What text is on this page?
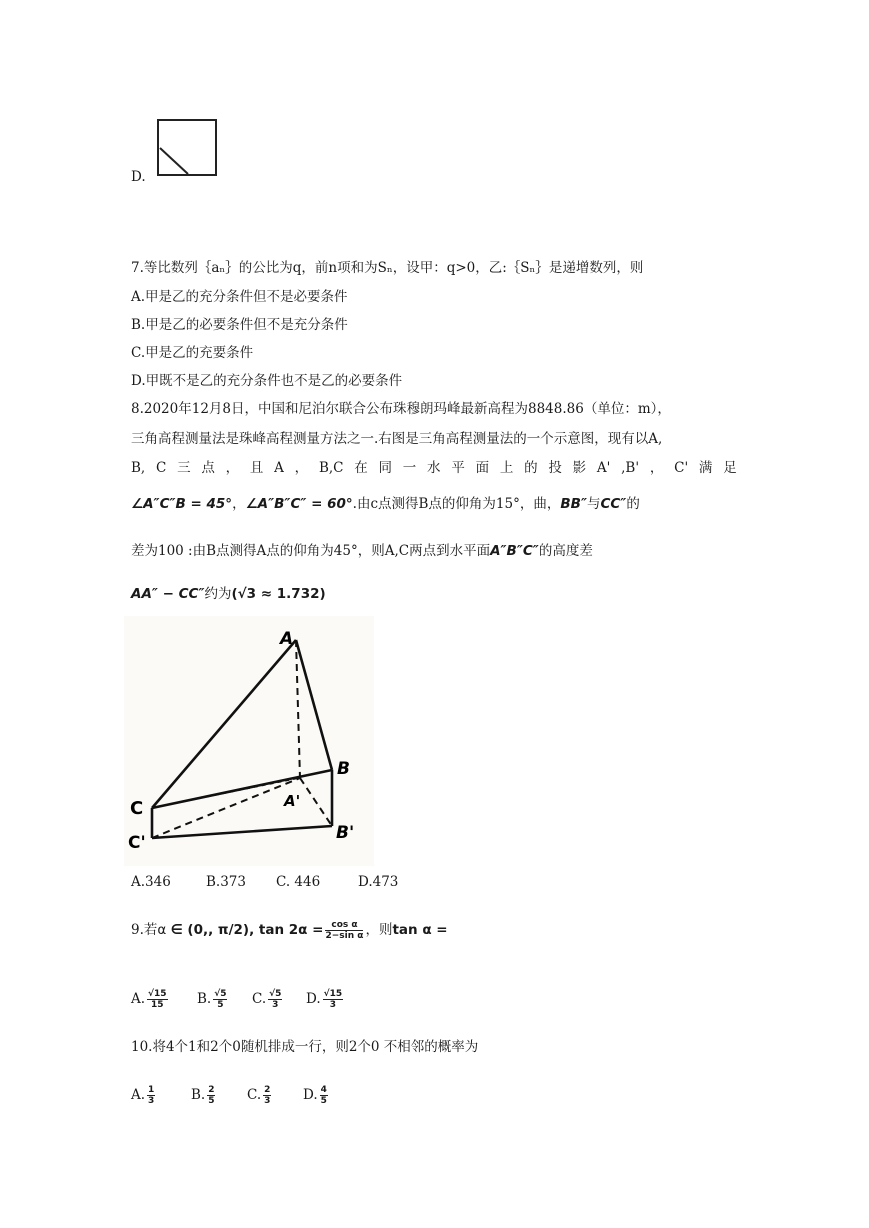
D.
7.等比数列｛aₙ｝的公比为q，前n项和为Sₙ，设甲：q>0，乙:｛Sₙ｝是递增数列，则
A.甲是乙的充分条件但不是必要条件
B.甲是乙的必要条件但不是充分条件
C.甲是乙的充要条件
D.甲既不是乙的充分条件也不是乙的必要条件
8.2020年12月8日，中国和尼泊尔联合公布珠穆朗玛峰最新高程为8848.86（单位：m），
三角高程测量法是珠峰高程测量方法之一.右图是三角高程测量法的一个示意图，现有以A,
B, C 三 点 ， 且 A ， B,C 在 同 一 水 平 面 上 的 投 影 A' ,B' ， C' 满 足
∠A″C″B = 45°，∠A″B″C″ = 60°.由c点测得B点的仰角为15°，曲，BB″与CC″的
差为100 :由B点测得A点的仰角为45°，则A,C两点到水平面A″B″C″的高度差
AA″ − CC″约为(√3 ≈ 1.732)
A
B
C	A'
B'
C'
A.346	B.373 C. 446	D.473
9.若α ∈ (0,, π/2), $\tan 2\alpha = \frac{\text{cos α}}{\text{2−sin α}}$ ，则tan α =
A. $\frac{√15}{15} B$. $\frac{√5}{5} C$. $\frac{√5}{3} D$. $\frac{√15}{3}$
10.将4个1和2个0随机排成一行，则2个0 不相邻的概率为
A. $\frac{1}{3}$	B. $\frac{2}{5} C$. $\frac{2}{3} D$. $\frac{4}{5}$
